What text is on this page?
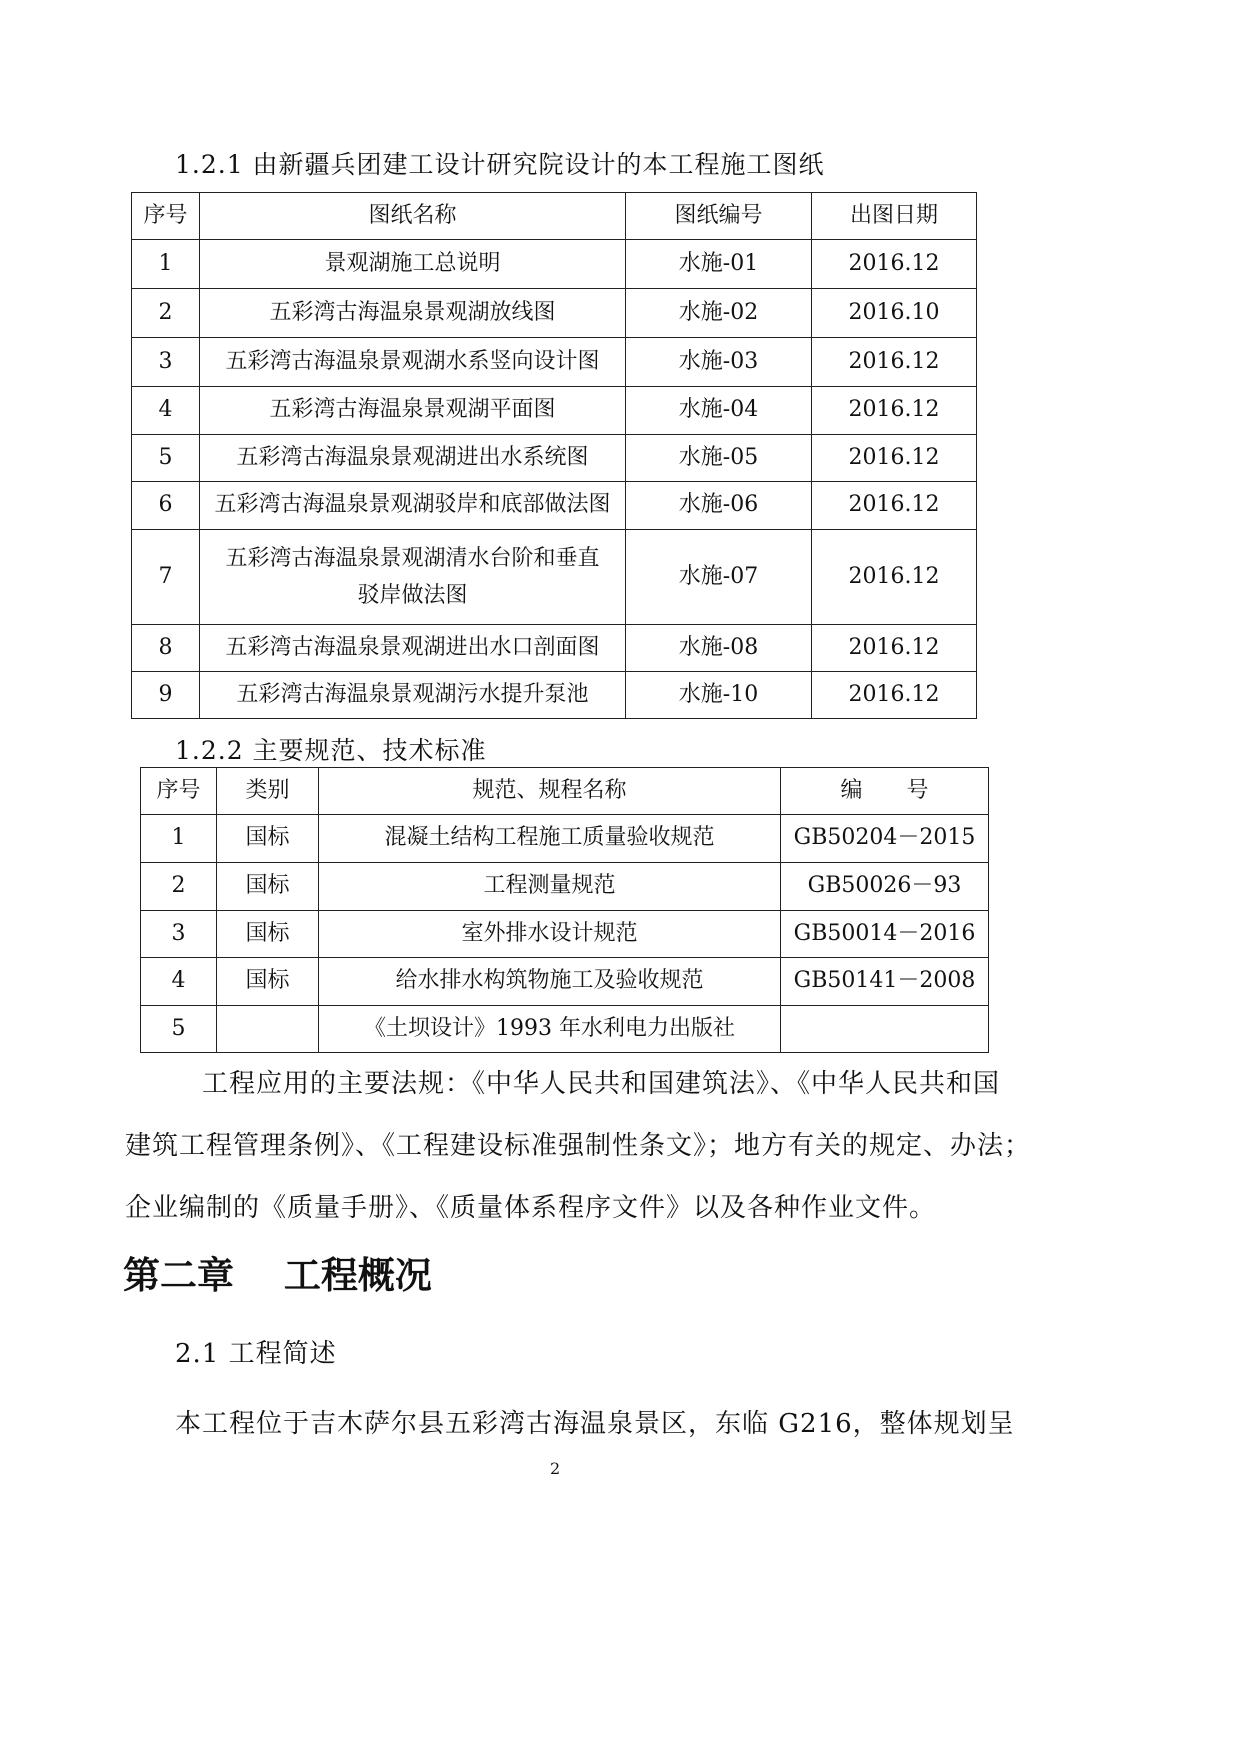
1.2.1 由新疆兵团建工设计研究院设计的本工程施工图纸
序号	图纸名称	图纸编号	出图日期
1	景观湖施工总说明	水施-01	2016.12
2	五彩湾古海温泉景观湖放线图	水施-02	2016.10
3	五彩湾古海温泉景观湖水系竖向设计图	水施-03	2016.12
4	五彩湾古海温泉景观湖平面图	水施-04	2016.12
5	五彩湾古海温泉景观湖进出水系统图	水施-05	2016.12
6	五彩湾古海温泉景观湖驳岸和底部做法图	水施-06	2016.12
7	五彩湾古海温泉景观湖清水台阶和垂直驳岸做法图	水施-07	2016.12
8	五彩湾古海温泉景观湖进出水口剖面图	水施-08	2016.12
9	五彩湾古海温泉景观湖污水提升泵池	水施-10	2016.12
1.2.2 主要规范、技术标准
序号	类别	规范、规程名称	编　　号
1	国标	混凝土结构工程施工质量验收规范	GB50204－2015
2	国标	工程测量规范	GB50026－93
3	国标	室外排水设计规范	GB50014－2016
4	国标	给水排水构筑物施工及验收规范	GB50141－2008
5		《土坝设计》1993 年水利电力出版社	
工程应用的主要法规：《中华人民共和国建筑法》、《中华人民共和国
建筑工程管理条例》、《工程建设标准强制性条文》；地方有关的规定、办法；
企业编制的《质量手册》、《质量体系程序文件》以及各种作业文件。
第二章　 工程概况
2.1 工程简述
本工程位于吉木萨尔县五彩湾古海温泉景区，东临 G216，整体规划呈
2
